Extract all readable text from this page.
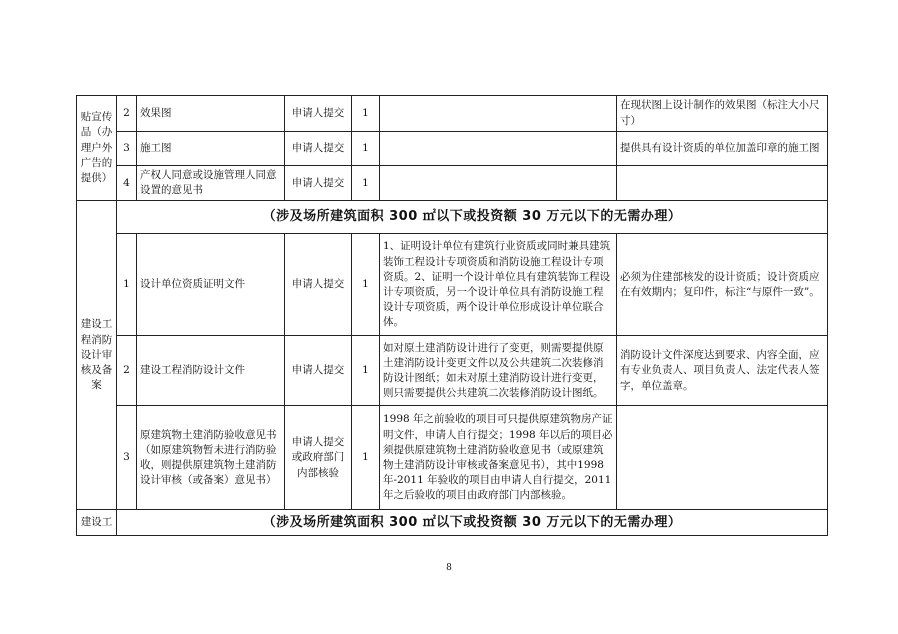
贴宣传品（办理户外广告的提供）	2	效果图	申请人提交	1		在现状图上设计制作的效果图（标注大小尺寸）
	3	施工图	申请人提交	1		提供具有设计资质的单位加盖印章的施工图
	4	产权人同意或设施管理人同意设置的意见书	申请人提交	1		
建设工程消防设计审核及备案	（涉及场所建筑面积 300 ㎡以下或投资额 30 万元以下的无需办理）					
	1	设计单位资质证明文件	申请人提交	1	1、证明设计单位有建筑行业资质或同时兼具建筑装饰工程设计专项资质和消防设施工程设计专项资质。2、证明一个设计单位具有建筑装饰工程设计专项资质，另一个设计单位具有消防设施工程设计专项资质，两个设计单位形成设计单位联合体。	必须为住建部核发的设计资质；设计资质应在有效期内；复印件，标注“与原件一致”。
	2	建设工程消防设计文件	申请人提交	1	如对原土建消防设计进行了变更，则需要提供原土建消防设计变更文件以及公共建筑二次装修消防设计图纸；如未对原土建消防设计进行变更，则只需要提供公共建筑二次装修消防设计图纸。	消防设计文件深度达到要求、内容全面，应有专业负责人、项目负责人、法定代表人签字，单位盖章。
	3	原建筑物土建消防验收意见书（如原建筑物暂未进行消防验收，则提供原建筑物土建消防设计审核（或备案）意见书）	申请人提交或政府部门内部核验	1	1998 年之前验收的项目可只提供原建筑物房产证明文件，申请人自行提交；1998 年以后的项目必须提供原建筑物土建消防验收意见书（或原建筑物土建消防设计审核或备案意见书），其中1998 年-2011 年验收的项目由申请人自行提交，2011 年之后验收的项目由政府部门内部核验。	
建设工	（涉及场所建筑面积 300 ㎡以下或投资额 30 万元以下的无需办理）					
8
